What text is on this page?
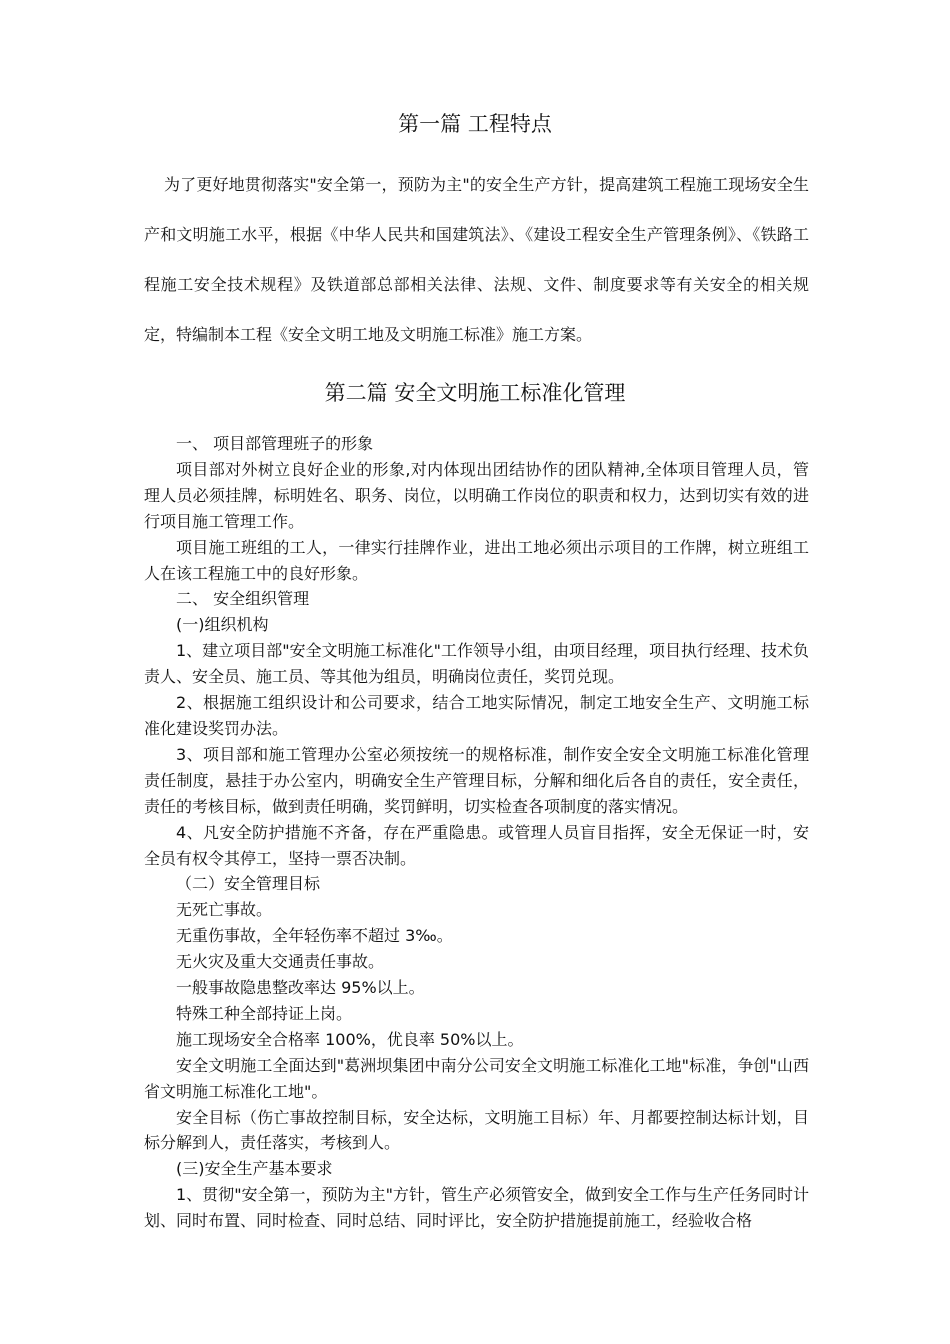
第一篇 工程特点

为了更好地贯彻落实"安全第一，预防为主"的安全生产方针，提高建筑工程施工现场安全生产和文明施工水平，根据《中华人民共和国建筑法》、《建设工程安全生产管理条例》、《铁路工程施工安全技术规程》及铁道部总部相关法律、法规、文件、制度要求等有关安全的相关规定，特编制本工程《安全文明工地及文明施工标准》施工方案。

第二篇 安全文明施工标准化管理

一、 项目部管理班子的形象

项目部对外树立良好企业的形象,对内体现出团结协作的团队精神,全体项目管理人员，管理人员必须挂牌，标明姓名、职务、岗位，以明确工作岗位的职责和权力，达到切实有效的进行项目施工管理工作。

项目施工班组的工人，一律实行挂牌作业，进出工地必须出示项目的工作牌，树立班组工人在该工程施工中的良好形象。

二、 安全组织管理

(一)组织机构

1、建立项目部"安全文明施工标准化"工作领导小组，由项目经理，项目执行经理、技术负责人、安全员、施工员、等其他为组员，明确岗位责任，奖罚兑现。

2、根据施工组织设计和公司要求，结合工地实际情况，制定工地安全生产、文明施工标准化建设奖罚办法。

3、项目部和施工管理办公室必须按统一的规格标准，制作安全安全文明施工标准化管理责任制度，悬挂于办公室内，明确安全生产管理目标，分解和细化后各自的责任，安全责任，责任的考核目标，做到责任明确，奖罚鲜明，切实检查各项制度的落实情况。

4、凡安全防护措施不齐备，存在严重隐患。或管理人员盲目指挥，安全无保证一时，安全员有权令其停工，坚持一票否决制。

（二）安全管理目标

无死亡事故。

无重伤事故，全年轻伤率不超过 3‰。

无火灾及重大交通责任事故。

一般事故隐患整改率达 95%以上。

特殊工种全部持证上岗。

施工现场安全合格率 100%，优良率 50%以上。

安全文明施工全面达到"葛洲坝集团中南分公司安全文明施工标准化工地"标准，争创"山西省文明施工标准化工地"。

安全目标（伤亡事故控制目标，安全达标，文明施工目标）年、月都要控制达标计划，目标分解到人，责任落实，考核到人。

(三)安全生产基本要求

1、贯彻"安全第一，预防为主"方针，管生产必须管安全，做到安全工作与生产任务同时计划、同时布置、同时检查、同时总结、同时评比，安全防护措施提前施工，经验收合格
